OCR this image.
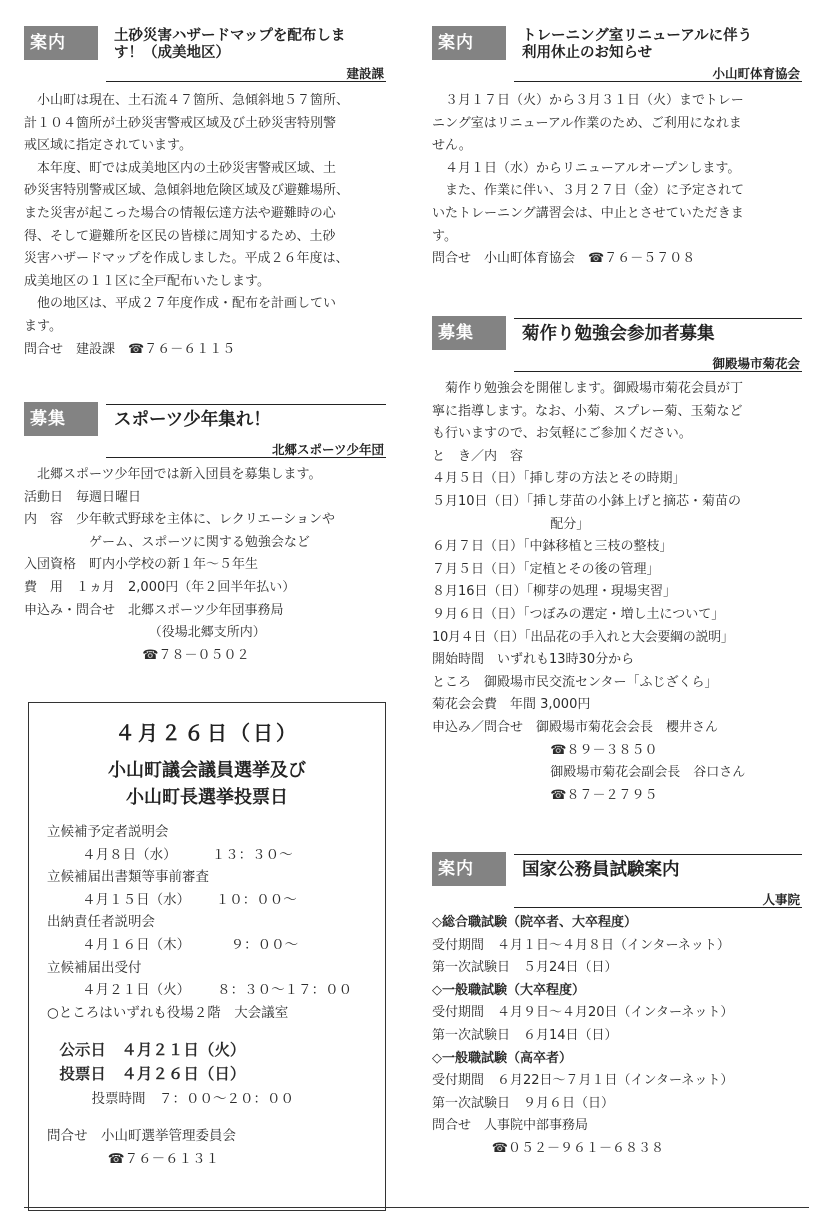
案内	土砂災害ハザードマップを配布しま
す！（成美地区）
建設課
小山町は現在、土石流４７箇所、急傾斜地５７箇所、
計１０４箇所が土砂災害警戒区域及び土砂災害特別警
戒区域に指定されています。
本年度、町では成美地区内の土砂災害警戒区域、土
砂災害特別警戒区域、急傾斜地危険区域及び避難場所、
また災害が起こった場合の情報伝達方法や避難時の心
得、そして避難所を区民の皆様に周知するため、土砂
災害ハザードマップを作成しました。平成２６年度は、
成美地区の１１区に全戸配布いたします。
他の地区は、平成２７年度作成・配布を計画してい
ます。
問合せ　建設課　☎７６－６１１５
募集	スポーツ少年集れ！
北郷スポーツ少年団
北郷スポーツ少年団では新入団員を募集します。
活動日　 毎週日曜日
内　容　 少年軟式野球を主体に、レクリエーションや
ゲーム、スポーツに関する勉強会など
入団資格　 町内小学校の新１年～５年生
費　用　 １ヵ月　2,000円（年２回半年払い）
申込み・問合せ　 北郷スポーツ少年団事務局
（役場北郷支所内）
☎７８－０５０２
４月２６日（日）
小山町議会議員選挙及び
小山町長選挙投票日
立候補予定者説明会
４月８日（水）	１３：３０～
立候補届出書類等事前審査
４月１５日（水） １０：００～
出納責任者説明会
４月１６日（木）	９：００～
立候補届出受付
４月２１日（火） ８：３０～１７：００
○ところはいずれも役場２階　大会議室
公示日　４月２１日（火）
投票日　４月２６日（日）
投票時間　７：００～２０：００
問合せ　小山町選挙管理委員会
☎７６－６１３１
案内	トレーニング室リニューアルに伴う
利用休止のお知らせ
小山町体育協会
３月１７日（火）から３月３１日（火）までトレー
ニング室はリニューアル作業のため、ご利用になれま
せん。
４月１日（水）からリニューアルオープンします。
また、作業に伴い、３月２７日（金）に予定されて
いたトレーニング講習会は、中止とさせていただきま
す。
問合せ　小山町体育協会　☎７６－５７０８
募集	菊作り勉強会参加者募集
御殿場市菊花会
菊作り勉強会を開催します。御殿場市菊花会員が丁
寧に指導します。なお、小菊、スプレー菊、玉菊など
も行いますので、お気軽にご参加ください。
と　き／内　容
４月５日（日）「挿し芽の方法とその時期」
５月10日（日）「挿し芽苗の小鉢上げと摘芯・菊苗の
配分」
６月７日（日）「中鉢移植と三枝の整枝」
７月５日（日）「定植とその後の管理」
８月16日（日）「柳芽の処理・現場実習」
９月６日（日）「つぼみの選定・増し土について」
10月４日（日）「出品花の手入れと大会要綱の説明」
開始時間　いずれも13時30分から
ところ　御殿場市民交流センター「ふじざくら」
菊花会会費　年間 3,000円
申込み／問合せ　御殿場市菊花会会長　櫻井さん
☎８９－３８５０
御殿場市菊花会副会長　谷口さん
☎８７－２７９５
案内	国家公務員試験案内
人事院
◇総合職試験（院卒者、大卒程度）
受付期間　４月１日～４月８日（インターネット）
第一次試験日　５月24日（日）
◇一般職試験（大卒程度）
受付期間　４月９日～４月20日（インターネット）
第一次試験日　６月14日（日）
◇一般職試験（高卒者）
受付期間　６月22日～７月１日（インターネット）
第一次試験日　９月６日（日）
問合せ　人事院中部事務局
☎０５２－９６１－６８３８
